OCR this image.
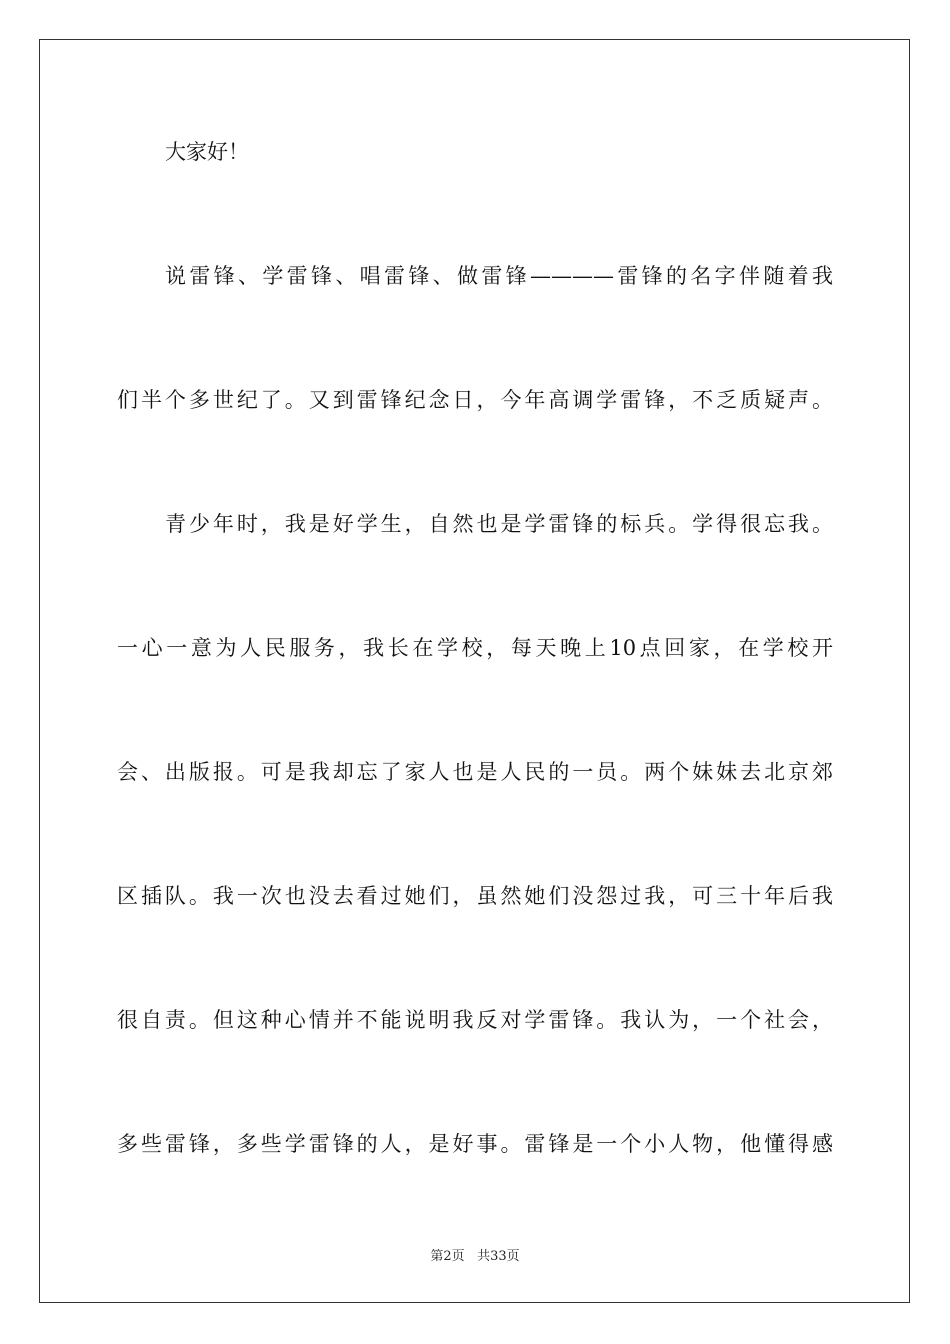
大家好！
说雷锋、学雷锋、唱雷锋、做雷锋————雷锋的名字伴随着我
们半个多世纪了。又到雷锋纪念日，今年高调学雷锋，不乏质疑声。
青少年时，我是好学生，自然也是学雷锋的标兵。学得很忘我。
一心一意为人民服务，我长在学校，每天晚上10点回家，在学校开
会、出版报。可是我却忘了家人也是人民的一员。两个妹妹去北京郊
区插队。我一次也没去看过她们，虽然她们没怨过我，可三十年后我
很自责。但这种心情并不能说明我反对学雷锋。我认为，一个社会，
多些雷锋，多些学雷锋的人，是好事。雷锋是一个小人物，他懂得感
第2页 共33页
